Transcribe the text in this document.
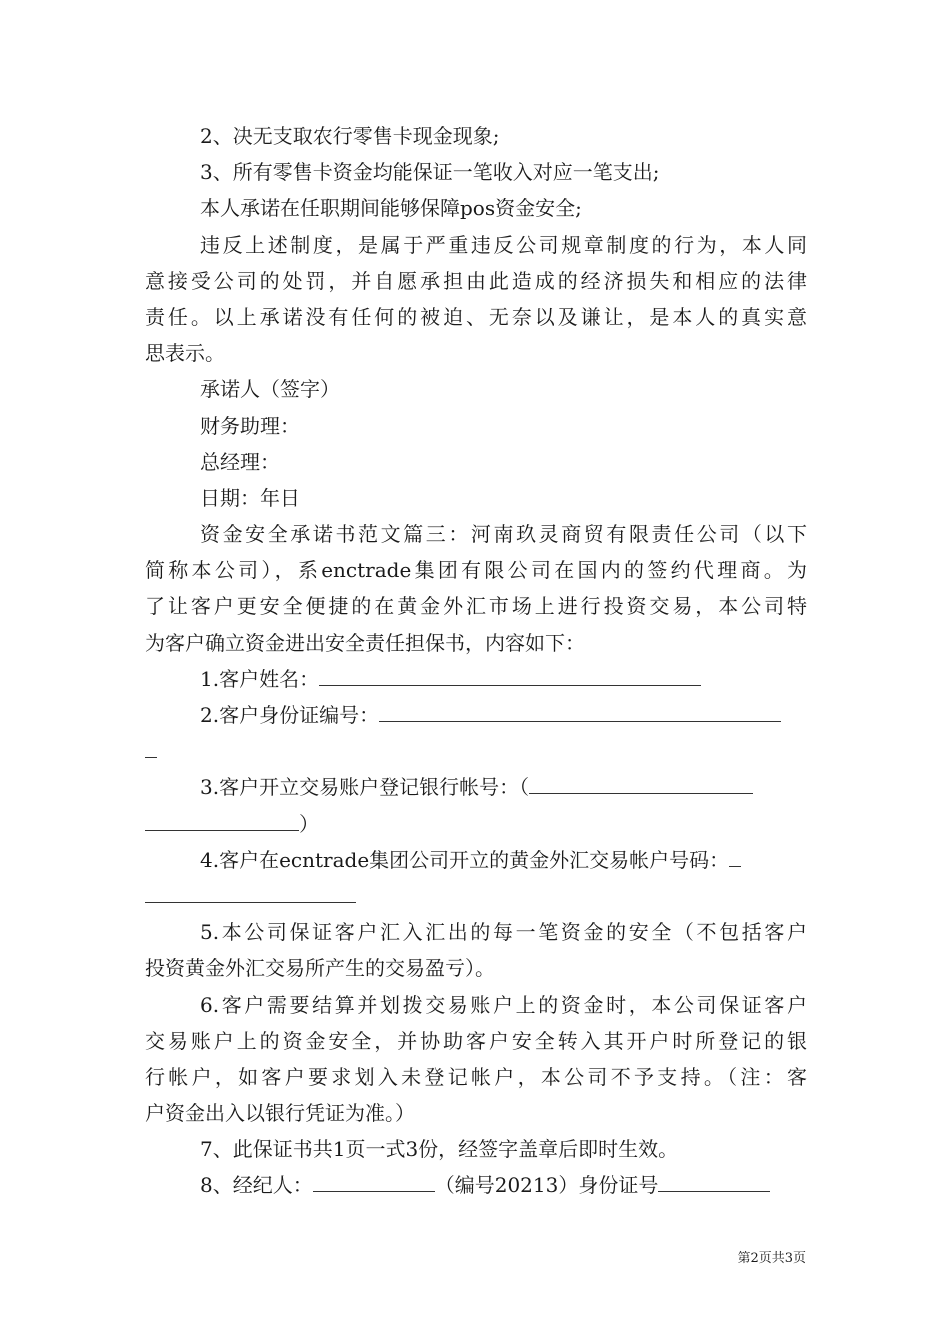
2、决无支取农行零售卡现金现象;
3、所有零售卡资金均能保证一笔收入对应一笔支出;
本人承诺在任职期间能够保障pos资金安全;
违反上述制度，是属于严重违反公司规章制度的行为，本人同
意接受公司的处罚，并自愿承担由此造成的经济损失和相应的法律
责任。以上承诺没有任何的被迫、无奈以及谦让，是本人的真实意
思表示。
承诺人（签字）
财务助理：
总经理：
日期：年日
资金安全承诺书范文篇三：河南玖灵商贸有限责任公司（以下
简称本公司），系enctrade集团有限公司在国内的签约代理商。为
了让客户更安全便捷的在黄金外汇市场上进行投资交易，本公司特
为客户确立资金进出安全责任担保书，内容如下：
1.客户姓名：
2.客户身份证编号：
3.客户开立交易账户登记银行帐号：（
）
4.客户在ecntrade集团公司开立的黄金外汇交易帐户号码：
5.本公司保证客户汇入汇出的每一笔资金的安全（不包括客户
投资黄金外汇交易所产生的交易盈亏）。
6.客户需要结算并划拨交易账户上的资金时，本公司保证客户
交易账户上的资金安全，并协助客户安全转入其开户时所登记的银
行帐户，如客户要求划入未登记帐户，本公司不予支持。（注：客
户资金出入以银行凭证为准。）
7、此保证书共1页一式3份，经签字盖章后即时生效。
8、经纪人：	（编号20213）身份证号
第2页共3页
